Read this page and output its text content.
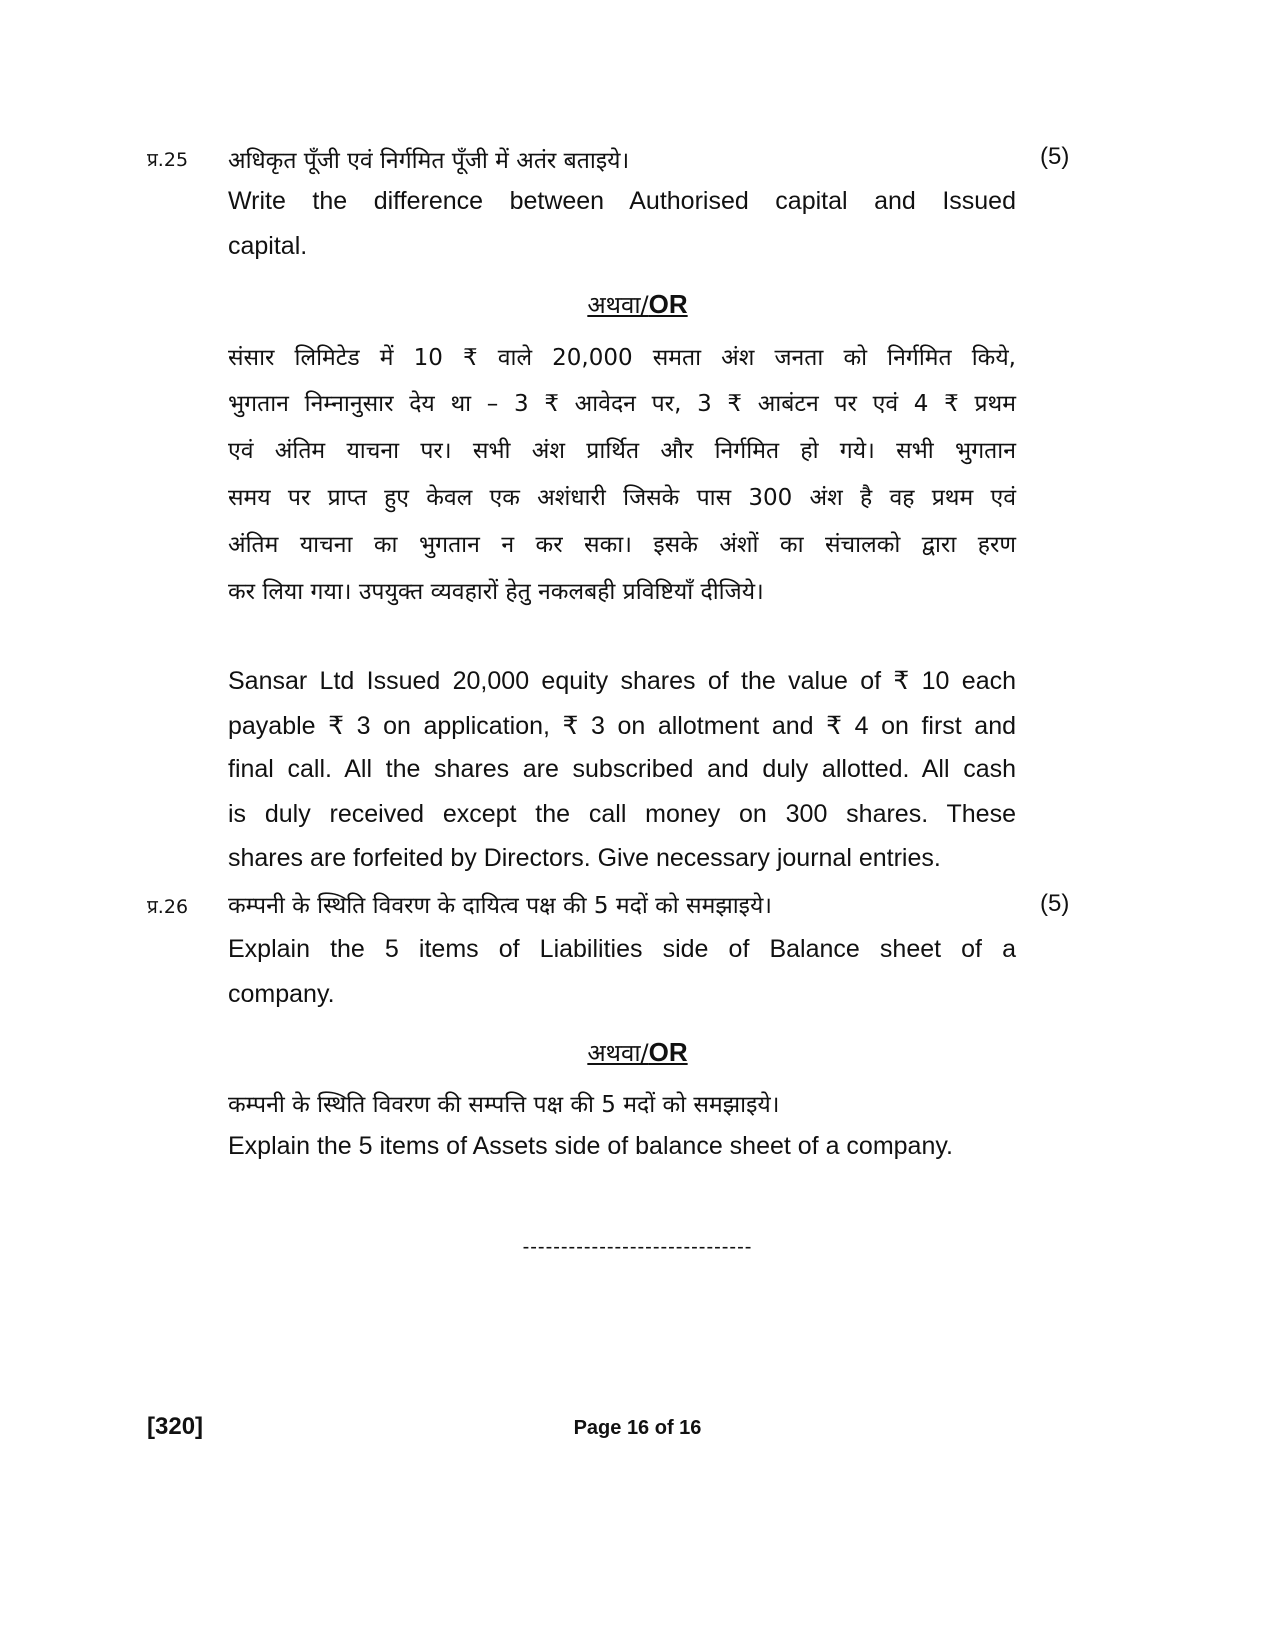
प्र.25 अधिकृत पूँजी एवं निर्गमित पूँजी में अतंर बताइये।	(5)
Write the difference between Authorised capital and Issued
capital.
अथवा/OR
संसार लिमिटेड में 10 ₹ वाले 20,000 समता अंश जनता को निर्गमित किये,
भुगतान निम्नानुसार देय था – 3 ₹ आवेदन पर, 3 ₹ आबंटन पर एवं 4 ₹ प्रथम
एवं अंतिम याचना पर। सभी अंश प्रार्थित और निर्गमित हो गये। सभी भुगतान
समय पर प्राप्त हुए केवल एक अशंधारी जिसके पास 300 अंश है वह प्रथम एवं
अंतिम याचना का भुगतान न कर सका। इसके अंशों का संचालको द्वारा हरण
कर लिया गया। उपयुक्त व्यवहारों हेतु नकलबही प्रविष्टियाँ दीजिये।
Sansar Ltd Issued 20,000 equity shares of the value of ₹ 10 each
payable ₹ 3 on application, ₹ 3 on allotment and ₹ 4 on first and
final call. All the shares are subscribed and duly allotted. All cash
is duly received except the call money on 300 shares. These
shares are forfeited by Directors. Give necessary journal entries.
प्र.26 कम्पनी के स्थिति विवरण के दायित्व पक्ष की 5 मदों को समझाइये।	(5)
Explain the 5 items of Liabilities side of Balance sheet of a
company.
अथवा/OR
कम्पनी के स्थिति विवरण की सम्पत्ति पक्ष की 5 मदों को समझाइये।
Explain the 5 items of Assets side of balance sheet of a company.
------------------------------
[320]	Page 16 of 16
